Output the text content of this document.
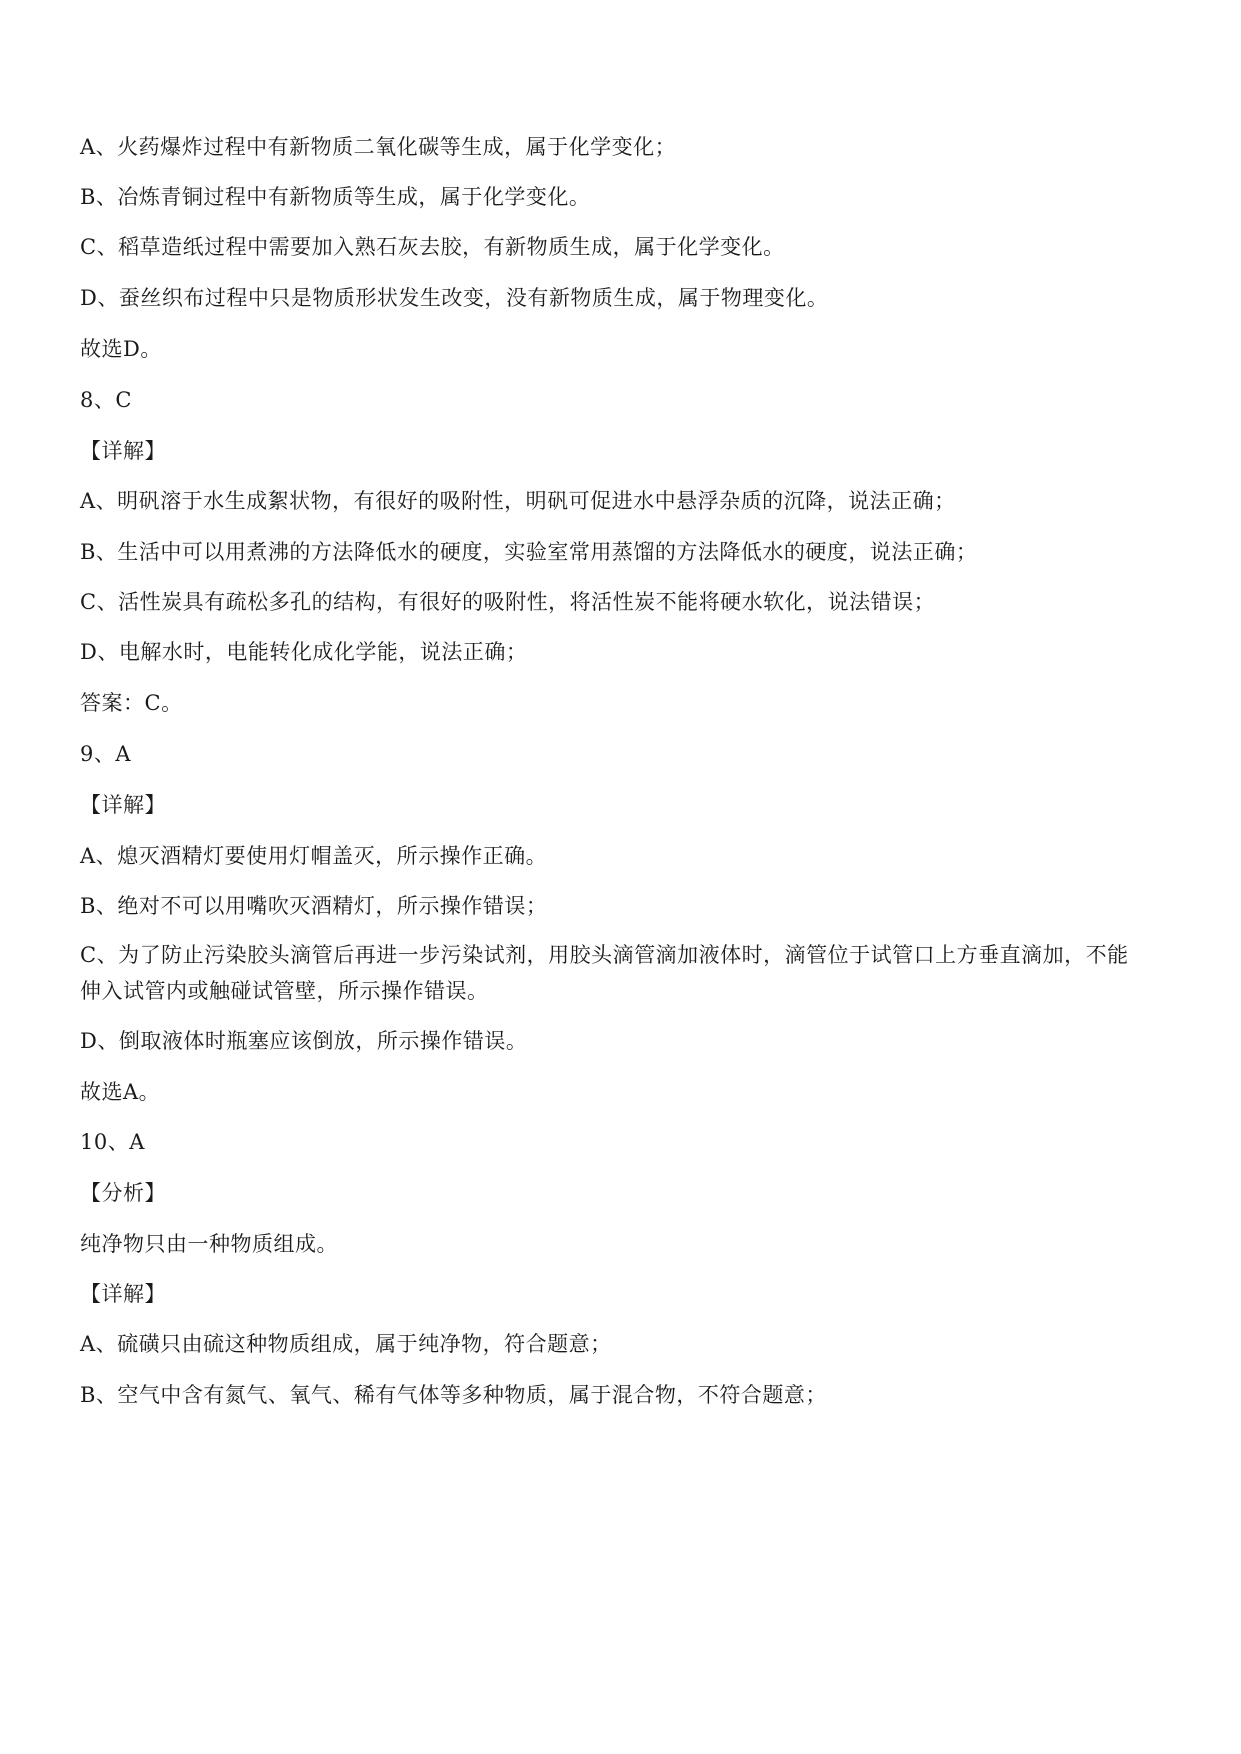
A、火药爆炸过程中有新物质二氧化碳等生成，属于化学变化；
B、冶炼青铜过程中有新物质等生成，属于化学变化。
C、稻草造纸过程中需要加入熟石灰去胶，有新物质生成，属于化学变化。
D、蚕丝织布过程中只是物质形状发生改变，没有新物质生成，属于物理变化。
故选D。
8、C
【详解】
A、明矾溶于水生成絮状物，有很好的吸附性，明矾可促进水中悬浮杂质的沉降，说法正确；
B、生活中可以用煮沸的方法降低水的硬度，实验室常用蒸馏的方法降低水的硬度，说法正确；
C、活性炭具有疏松多孔的结构，有很好的吸附性，将活性炭不能将硬水软化，说法错误；
D、电解水时，电能转化成化学能，说法正确；
答案：C。
9、A
【详解】
A、熄灭酒精灯要使用灯帽盖灭，所示操作正确。
B、绝对不可以用嘴吹灭酒精灯，所示操作错误；
C、为了防止污染胶头滴管后再进一步污染试剂，用胶头滴管滴加液体时，滴管位于试管口上方垂直滴加，不能
伸入试管内或触碰试管壁，所示操作错误。
D、倒取液体时瓶塞应该倒放，所示操作错误。
故选A。
10、A
【分析】
纯净物只由一种物质组成。
【详解】
A、硫磺只由硫这种物质组成，属于纯净物，符合题意；
B、空气中含有氮气、氧气、稀有气体等多种物质，属于混合物，不符合题意；
